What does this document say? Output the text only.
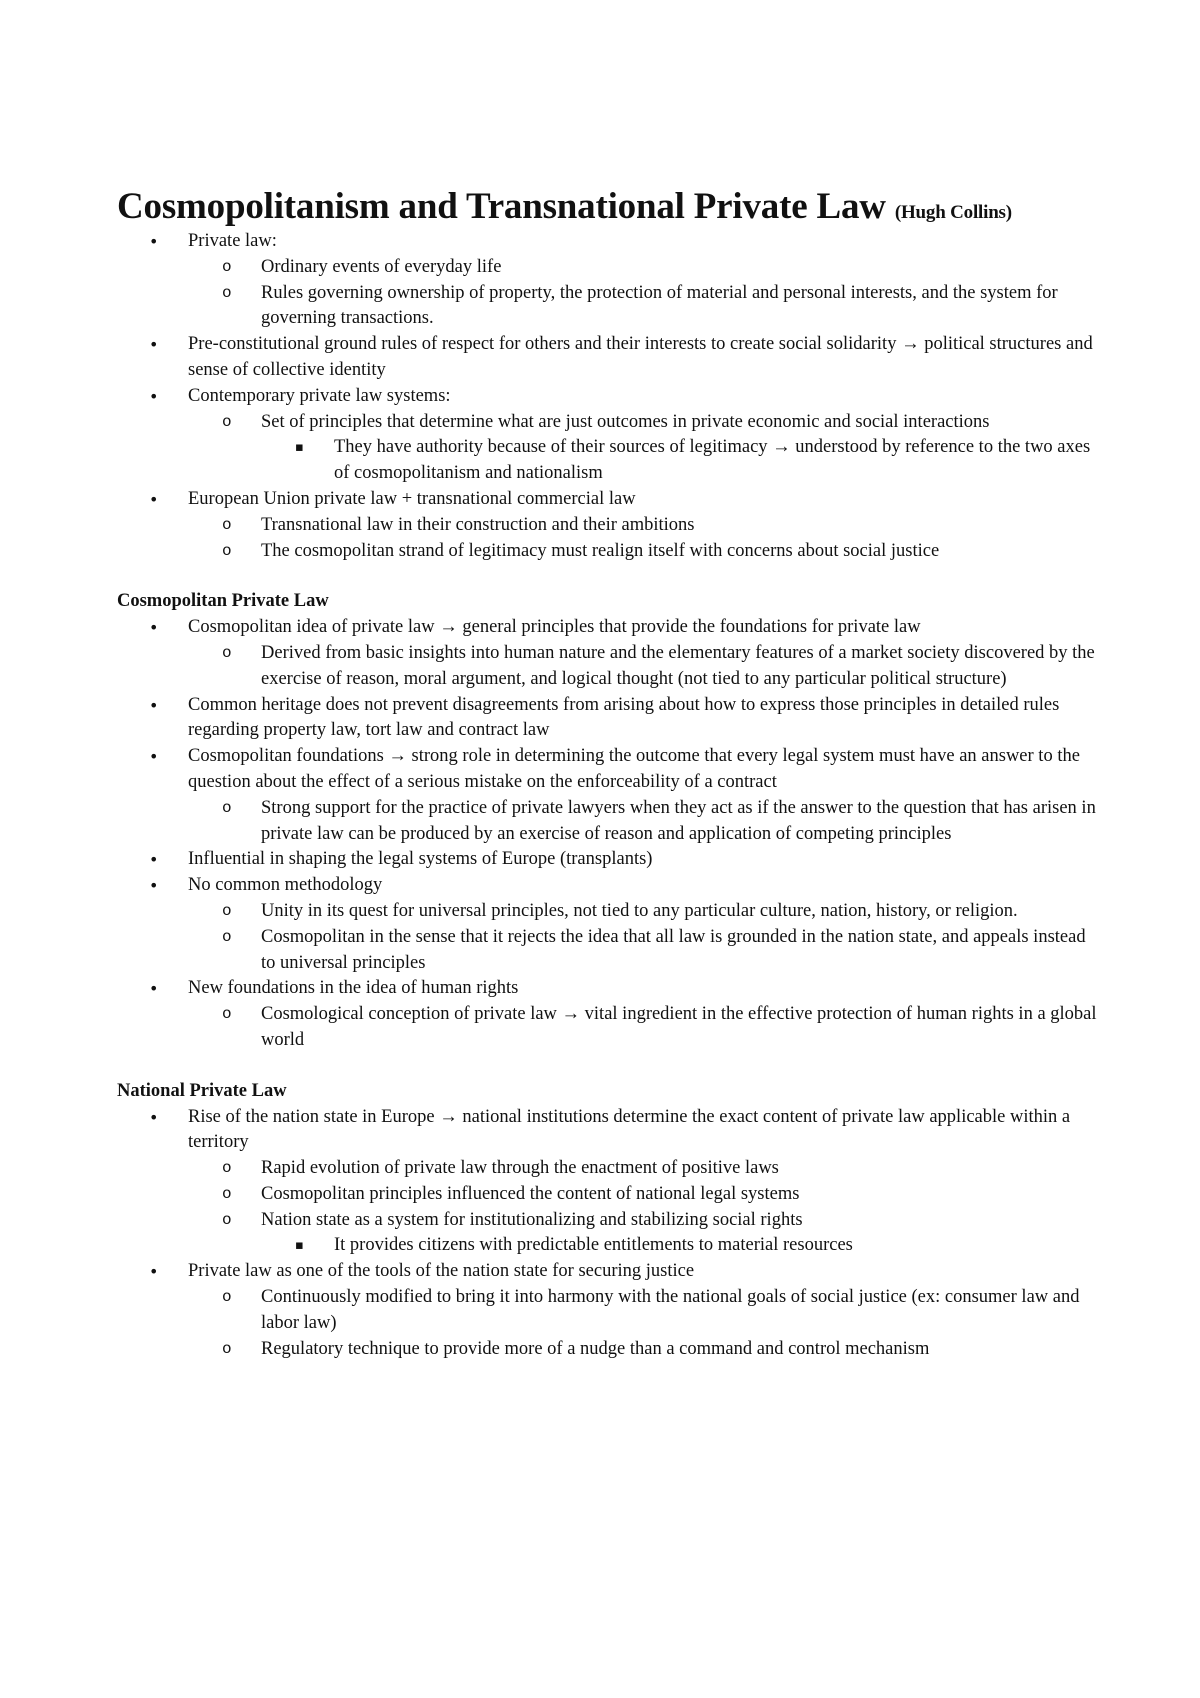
Cosmopolitanism and Transnational Private Law (Hugh Collins)
• Private law:
o Ordinary events of everyday life
o Rules governing ownership of property, the protection of material and personal interests, and the system for governing transactions.
• Pre-constitutional ground rules of respect for others and their interests to create social solidarity → political structures and sense of collective identity
• Contemporary private law systems:
o Set of principles that determine what are just outcomes in private economic and social interactions
▪ They have authority because of their sources of legitimacy → understood by reference to the two axes of cosmopolitanism and nationalism
• European Union private law + transnational commercial law
o Transnational law in their construction and their ambitions
o The cosmopolitan strand of legitimacy must realign itself with concerns about social justice
Cosmopolitan Private Law
• Cosmopolitan idea of private law → general principles that provide the foundations for private law
o Derived from basic insights into human nature and the elementary features of a market society discovered by the exercise of reason, moral argument, and logical thought (not tied to any particular political structure)
• Common heritage does not prevent disagreements from arising about how to express those principles in detailed rules regarding property law, tort law and contract law
• Cosmopolitan foundations → strong role in determining the outcome that every legal system must have an answer to the question about the effect of a serious mistake on the enforceability of a contract
o Strong support for the practice of private lawyers when they act as if the answer to the question that has arisen in private law can be produced by an exercise of reason and application of competing principles
• Influential in shaping the legal systems of Europe (transplants)
• No common methodology
o Unity in its quest for universal principles, not tied to any particular culture, nation, history, or religion.
o Cosmopolitan in the sense that it rejects the idea that all law is grounded in the nation state, and appeals instead to universal principles
• New foundations in the idea of human rights
o Cosmological conception of private law → vital ingredient in the effective protection of human rights in a global world
National Private Law
• Rise of the nation state in Europe → national institutions determine the exact content of private law applicable within a territory
o Rapid evolution of private law through the enactment of positive laws
o Cosmopolitan principles influenced the content of national legal systems
o Nation state as a system for institutionalizing and stabilizing social rights
▪ It provides citizens with predictable entitlements to material resources
• Private law as one of the tools of the nation state for securing justice
o Continuously modified to bring it into harmony with the national goals of social justice (ex: consumer law and labor law)
o Regulatory technique to provide more of a nudge than a command and control mechanism
